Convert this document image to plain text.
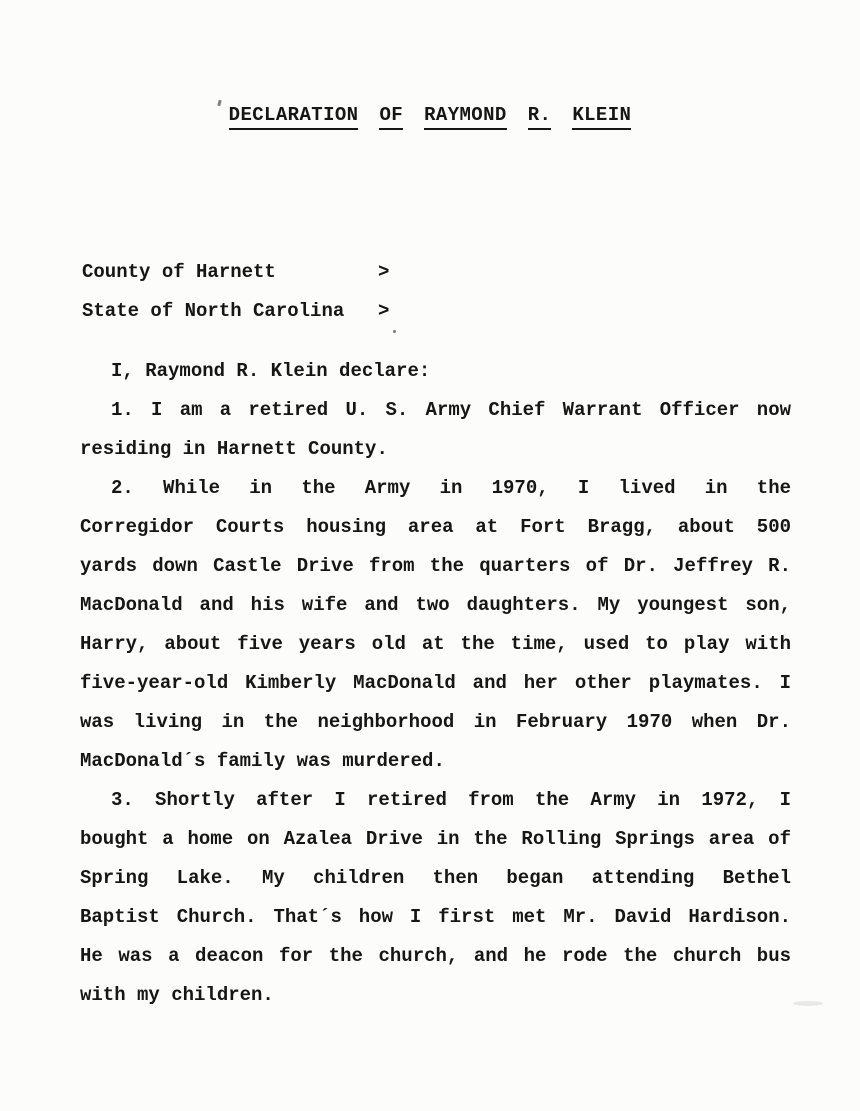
DECLARATION OF RAYMOND R. KLEIN
County of Harnett	>
State of North Carolina	>
I, Raymond R. Klein declare:
1. I am a retired U. S. Army Chief Warrant Officer now
residing in Harnett County.
2. While in the Army in 1970, I lived in the
Corregidor Courts housing area at Fort Bragg, about 500
yards down Castle Drive from the quarters of Dr. Jeffrey R.
MacDonald and his wife and two daughters. My youngest son,
Harry, about five years old at the time, used to play with
five-year-old Kimberly MacDonald and her other playmates. I
was living in the neighborhood in February 1970 when Dr.
MacDonald´s family was murdered.
3. Shortly after I retired from the Army in 1972, I
bought a home on Azalea Drive in the Rolling Springs area of
Spring Lake. My children then began attending Bethel
Baptist Church. That´s how I first met Mr. David Hardison.
He was a deacon for the church, and he rode the church bus
with my children.
